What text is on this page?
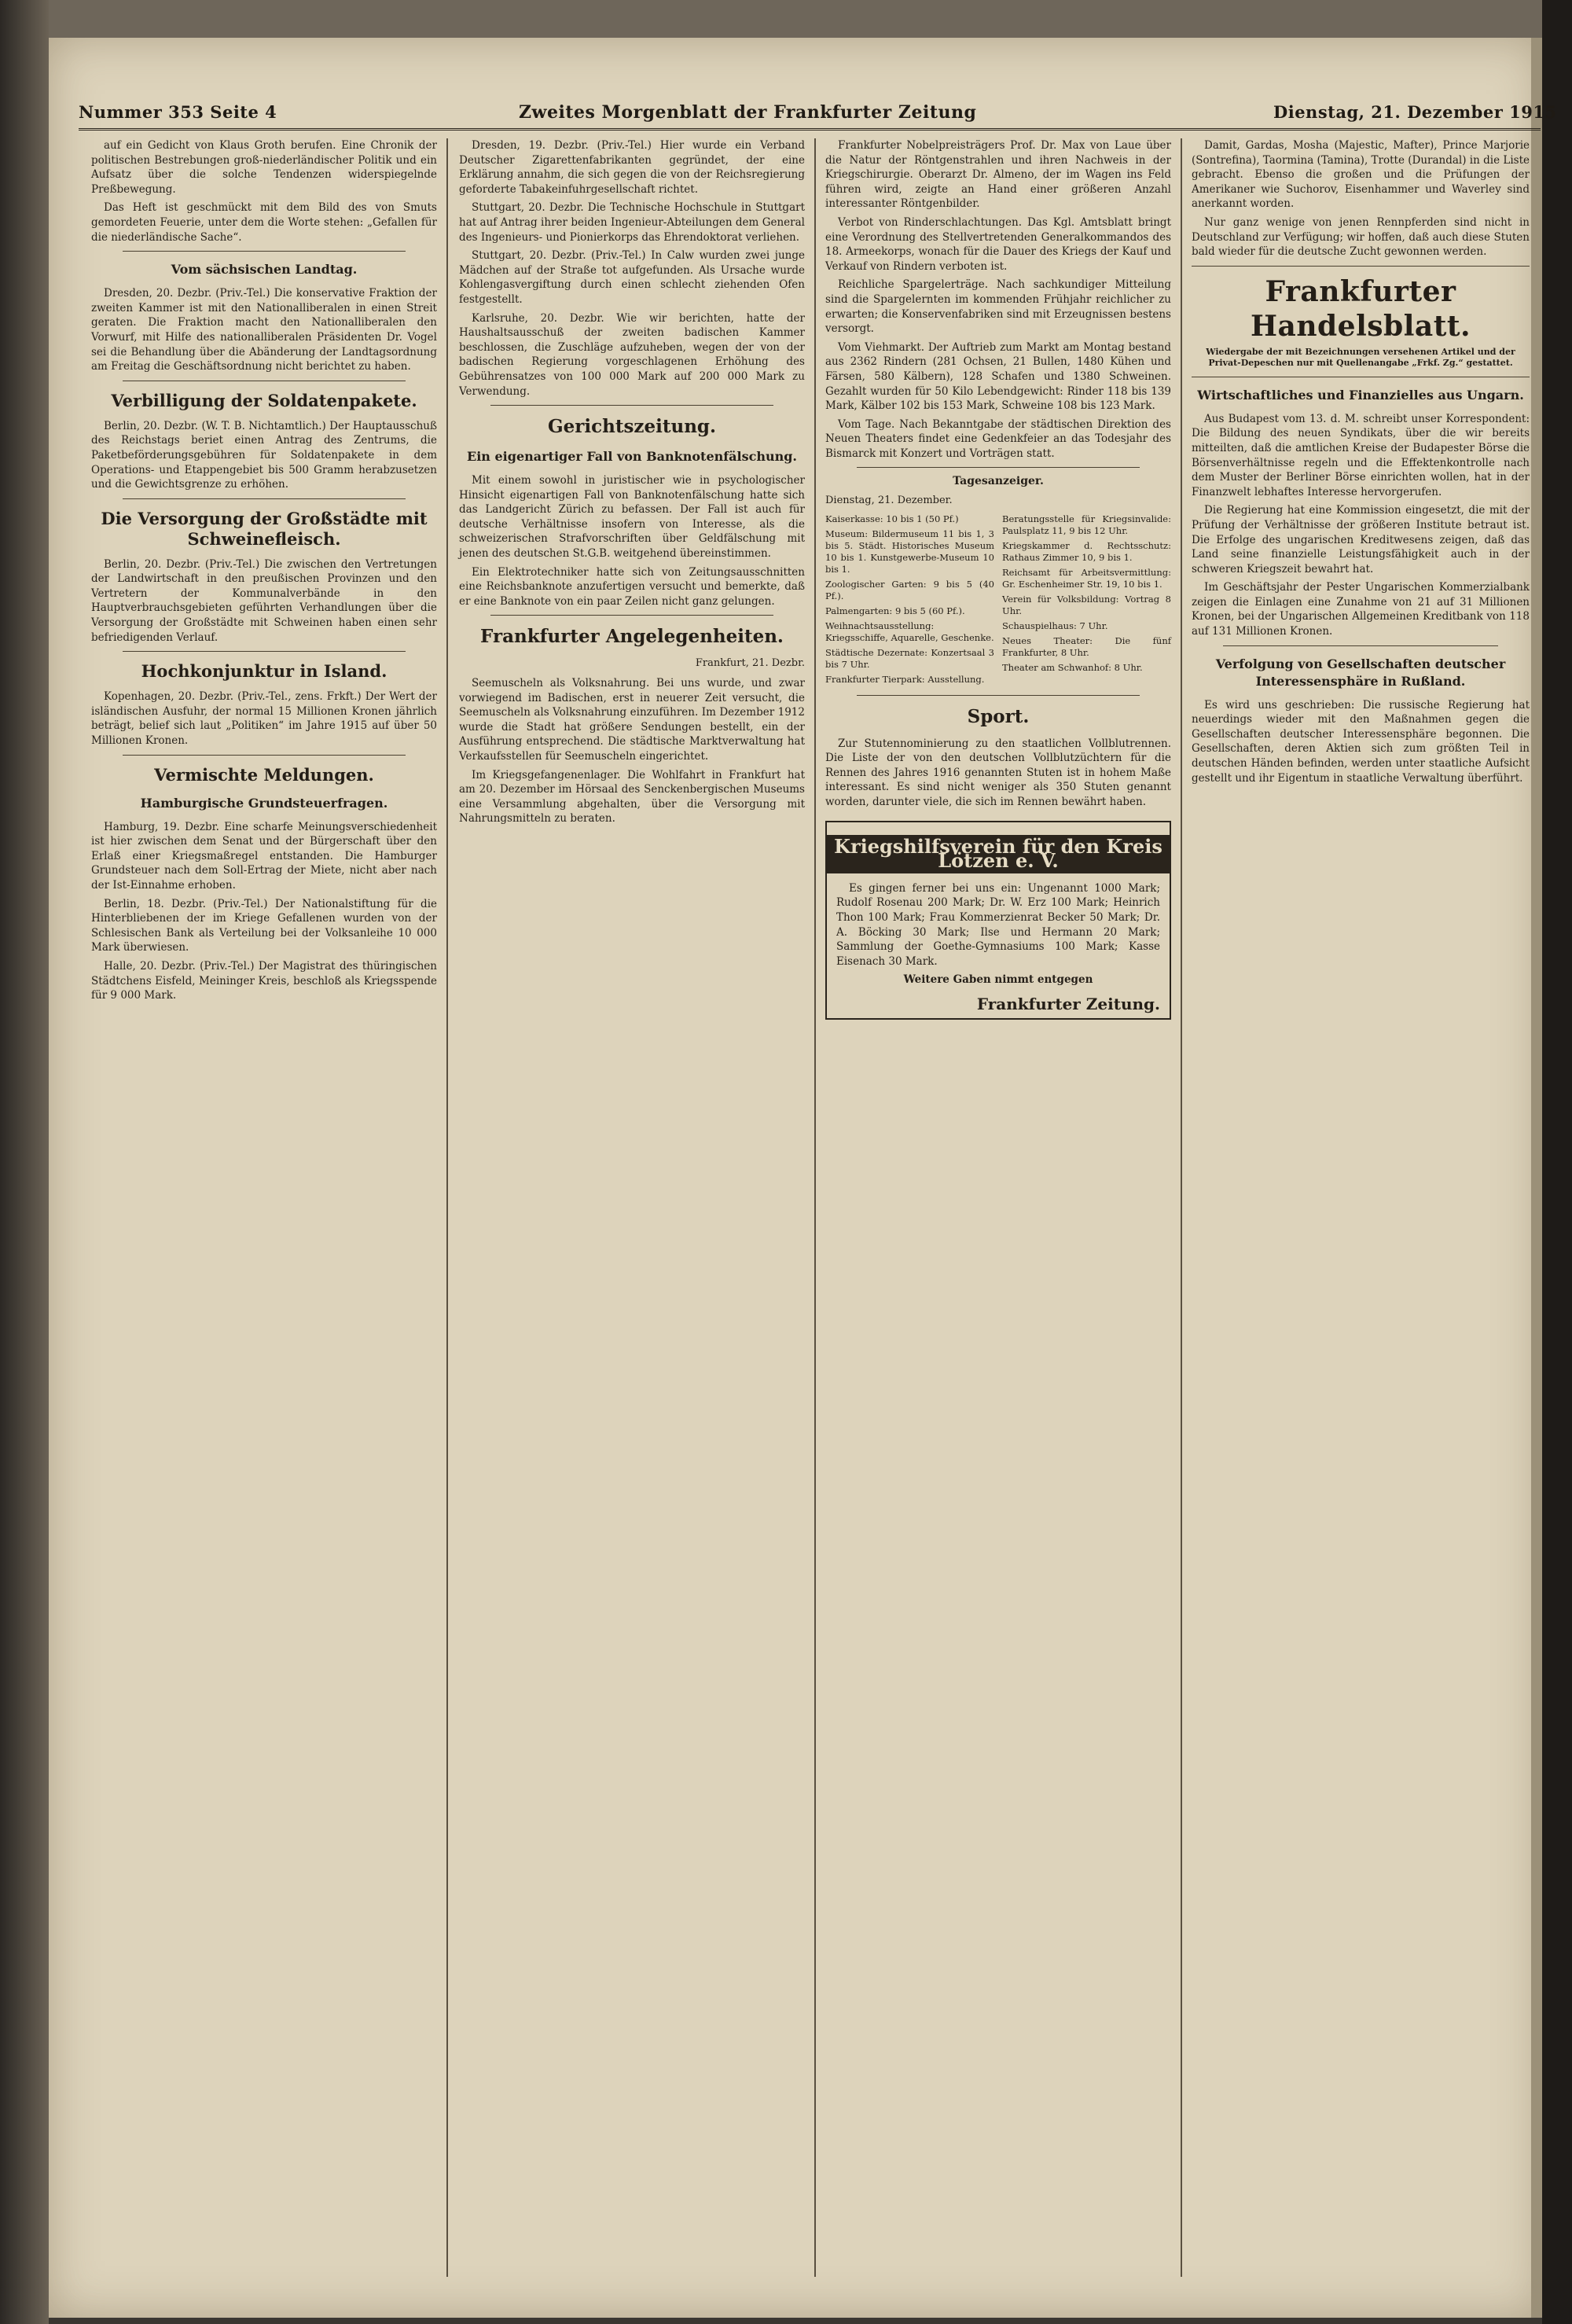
Nummer 353 Seite 4	Zweites Morgenblatt der Frankfurter Zeitung	Dienstag, 21. Dezember 1915

auf ein Gedicht von Klaus Groth berufen. Eine Chronik der politischen Bestrebungen groß-niederländischer Politik und ein Aufsatz über die solche Tendenzen widerspiegelnde Preßbewegung.

Das Heft ist geschmückt mit dem Bild des von Smuts gemordeten Feuerie, unter dem die Worte stehen: „Gefallen für die niederländische Sache“.

Vom sächsischen Landtag.

Dresden, 20. Dezbr. (Priv.-Tel.) Die konservative Fraktion der zweiten Kammer ist mit den Nationalliberalen in einen Streit geraten. Die Fraktion macht den Nationalliberalen den Vorwurf, mit Hilfe des nationalliberalen Präsidenten Dr. Vogel sei die Behandlung über die Abänderung der Landtagsordnung am Freitag die Geschäftsordnung nicht berichtet zu haben.

Verbilligung der Soldatenpakete.

Berlin, 20. Dezbr. (W. T. B. Nichtamtlich.) Der Hauptausschuß des Reichstags beriet einen Antrag des Zentrums, die Paketbeförderungsgebühren für Soldatenpakete in dem Operations- und Etappengebiet bis 500 Gramm herabzusetzen und die Gewichtsgrenze zu erhöhen.

Die Versorgung der Großstädte mit Schweinefleisch.

Berlin, 20. Dezbr. (Priv.-Tel.) Die zwischen den Vertretungen der Landwirtschaft in den preußischen Provinzen und den Vertretern der Kommunalverbände in den Hauptverbrauchsgebieten geführten Verhandlungen über die Versorgung der Großstädte mit Schweinen haben einen sehr befriedigenden Verlauf.

Hochkonjunktur in Island.

Kopenhagen, 20. Dezbr. (Priv.-Tel., zens. Frkft.) Der Wert der isländischen Ausfuhr, der normal 15 Millionen Kronen jährlich beträgt, belief sich laut „Politiken“ im Jahre 1915 auf über 50 Millionen Kronen.

Vermischte Meldungen.
Hamburgische Grundsteuerfragen.

Hamburg, 19. Dezbr. Eine scharfe Meinungsverschiedenheit ist hier zwischen dem Senat und der Bürgerschaft über den Erlaß einer Kriegsmaßregel entstanden. Die Hamburger Grundsteuer nach dem Soll-Ertrag der Miete, nicht aber nach der Ist-Einnahme erhoben.

Berlin, 18. Dezbr. (Priv.-Tel.) Der Nationalstiftung für die Hinterbliebenen der im Kriege Gefallenen wurden von der Schlesischen Bank als Verteilung bei der Volksanleihe 10 000 Mark überwiesen.

Halle, 20. Dezbr. (Priv.-Tel.) Der Magistrat des thüringischen Städtchens Eisfeld, Meininger Kreis, beschloß als Kriegsspende für 9 000 Mark.

Dresden, 19. Dezbr. (Priv.-Tel.) Hier wurde ein Verband Deutscher Zigarettenfabrikanten gegründet, der eine Erklärung annahm, die sich gegen die von der Reichsregierung geforderte Tabakeinfuhrgesellschaft richtet.

Stuttgart, 20. Dezbr. Die Technische Hochschule in Stuttgart hat auf Antrag ihrer beiden Ingenieur-Abteilungen dem General des Ingenieurs- und Pionierkorps das Ehrendoktorat verliehen.

Stuttgart, 20. Dezbr. (Priv.-Tel.) In Calw wurden zwei junge Mädchen auf der Straße tot aufgefunden. Als Ursache wurde Kohlengasvergiftung durch einen schlecht ziehenden Ofen festgestellt.

Karlsruhe, 20. Dezbr. Wie wir berichten, hatte der Haushaltsausschuß der zweiten badischen Kammer beschlossen, die Zuschläge aufzuheben, wegen der von der badischen Regierung vorgeschlagenen Erhöhung des Gebührensatzes von 100 000 Mark auf 200 000 Mark zu Verwendung.

Gerichtszeitung.
Ein eigenartiger Fall von Banknotenfälschung.

Mit einem sowohl in juristischer wie in psychologischer Hinsicht eigenartigen Fall von Banknotenfälschung hatte sich das Landgericht Zürich zu befassen. Der Fall ist auch für deutsche Verhältnisse insofern von Interesse, als die schweizerischen Strafvorschriften über Geldfälschung mit jenen des deutschen St.G.B. weitgehend übereinstimmen.

Ein Elektrotechniker hatte sich von Zeitungsausschnitten eine Reichsbanknote anzufertigen versucht und bemerkte, daß er eine Banknote von ein paar Zeilen nicht ganz gelungen.

Frankfurter Angelegenheiten.
Frankfurt, 21. Dezbr.

Seemuscheln als Volksnahrung. Bei uns wurde, und zwar vorwiegend im Badischen, erst in neuerer Zeit versucht, die Seemuscheln als Volksnahrung einzuführen. Im Dezember 1912 wurde die Stadt hat größere Sendungen bestellt, ein der Ausführung entsprechend. Die städtische Marktverwaltung hat Verkaufsstellen für Seemuscheln eingerichtet.

Im Kriegsgefangenenlager. Die Wohlfahrt in Frankfurt hat am 20. Dezember im Hörsaal des Senckenbergischen Museums eine Versammlung abgehalten, über die Versorgung mit Nahrungsmitteln zu beraten.

Frankfurter Nobelpreisträgers Prof. Dr. Max von Laue über die Natur der Röntgenstrahlen und ihren Nachweis in der Kriegschirurgie. Oberarzt Dr. Almeno, der im Wagen ins Feld führen wird, zeigte an Hand einer größeren Anzahl interessanter Röntgenbilder.

Verbot von Rinderschlachtungen. Das Kgl. Amtsblatt bringt eine Verordnung des Stellvertretenden Generalkommandos des 18. Armeekorps, wonach für die Dauer des Kriegs der Kauf und Verkauf von Rindern verboten ist.

Reichliche Spargelerträge. Nach sachkundiger Mitteilung sind die Spargelernten im kommenden Frühjahr reichlicher zu erwarten; die Konservenfabriken sind mit Erzeugnissen bestens versorgt.

Vom Viehmarkt. Der Auftrieb zum Markt am Montag bestand aus 2362 Rindern (281 Ochsen, 21 Bullen, 1480 Kühen und Färsen, 580 Kälbern), 128 Schafen und 1380 Schweinen. Gezahlt wurden für 50 Kilo Lebendgewicht: Rinder 118 bis 139 Mark, Kälber 102 bis 153 Mark, Schweine 108 bis 123 Mark.

Vom Tage. Nach Bekanntgabe der städtischen Direktion des Neuen Theaters findet eine Gedenkfeier an das Todesjahr des Bismarck mit Konzert und Vorträgen statt.

Tagesanzeiger.
Dienstag, 21. Dezember.
Kaiserkasse: 10 bis 1 (50 Pf.)
Museum: Bildermuseum 11 bis 1, 3 bis 5. Städt. Historisches Museum 10 bis 1. Kunstgewerbe-Museum 10 bis 1.
Zoologischer Garten: 9 bis 5 (40 Pf.).
Palmengarten: 9 bis 5 (60 Pf.).
Weihnachtsausstellung: Kriegsschiffe, Aquarelle, Geschenke.
Städtische Dezernate: Konzertsaal 3 bis 7 Uhr.
Frankfurter Tierpark: Ausstellung.
Beratungsstelle für Kriegsinvalide: Paulsplatz 11, 9 bis 12 Uhr.
Kriegskammer d. Rechtsschutz: Rathaus Zimmer 10, 9 bis 1.
Reichsamt für Arbeitsvermittlung: Gr. Eschenheimer Str. 19, 10 bis 1.
Verein für Volksbildung: Vortrag 8 Uhr.
Schauspielhaus: 7 Uhr.
Neues Theater: Die fünf Frankfurter, 8 Uhr.
Theater am Schwanhof: 8 Uhr.
Sport.

Zur Stutennominierung zu den staatlichen Vollblutrennen. Die Liste der von den deutschen Vollblutzüchtern für die Rennen des Jahres 1916 genannten Stuten ist in hohem Maße interessant. Es sind nicht weniger als 350 Stuten genannt worden, darunter viele, die sich im Rennen bewährt haben.

Kriegshilfsverein für den Kreis Lötzen e. V.

Es gingen ferner bei uns ein: Ungenannt 1000 Mark; Rudolf Rosenau 200 Mark; Dr. W. Erz 100 Mark; Heinrich Thon 100 Mark; Frau Kommerzienrat Becker 50 Mark; Dr. A. Böcking 30 Mark; Ilse und Hermann 20 Mark; Sammlung der Goethe-Gymnasiums 100 Mark; Kasse Eisenach 30 Mark.

Weitere Gaben nimmt entgegen

Frankfurter Zeitung.

Damit, Gardas, Mosha (Majestic, Mafter), Prince Marjorie (Sontrefina), Taormina (Tamina), Trotte (Durandal) in die Liste gebracht. Ebenso die großen und die Prüfungen der Amerikaner wie Suchorov, Eisenhammer und Waverley sind anerkannt worden.

Nur ganz wenige von jenen Rennpferden sind nicht in Deutschland zur Verfügung; wir hoffen, daß auch diese Stuten bald wieder für die deutsche Zucht gewonnen werden.

Frankfurter Handelsblatt.
Wiedergabe der mit Bezeichnungen versehenen Artikel und der Privat-Depeschen nur mit Quellenangabe „Frkf. Zg.“ gestattet.
Wirtschaftliches und Finanzielles aus Ungarn.

Aus Budapest vom 13. d. M. schreibt unser Korrespondent: Die Bildung des neuen Syndikats, über die wir bereits mitteilten, daß die amtlichen Kreise der Budapester Börse die Börsenverhältnisse regeln und die Effektenkontrolle nach dem Muster der Berliner Börse einrichten wollen, hat in der Finanzwelt lebhaftes Interesse hervorgerufen.

Die Regierung hat eine Kommission eingesetzt, die mit der Prüfung der Verhältnisse der größeren Institute betraut ist. Die Erfolge des ungarischen Kreditwesens zeigen, daß das Land seine finanzielle Leistungsfähigkeit auch in der schweren Kriegszeit bewahrt hat.

Im Geschäftsjahr der Pester Ungarischen Kommerzialbank zeigen die Einlagen eine Zunahme von 21 auf 31 Millionen Kronen, bei der Ungarischen Allgemeinen Kreditbank von 118 auf 131 Millionen Kronen.

Verfolgung von Gesellschaften deutscher Interessensphäre in Rußland.

Es wird uns geschrieben: Die russische Regierung hat neuerdings wieder mit den Maßnahmen gegen die Gesellschaften deutscher Interessensphäre begonnen. Die Gesellschaften, deren Aktien sich zum größten Teil in deutschen Händen befinden, werden unter staatliche Aufsicht gestellt und ihr Eigentum in staatliche Verwaltung überführt.
